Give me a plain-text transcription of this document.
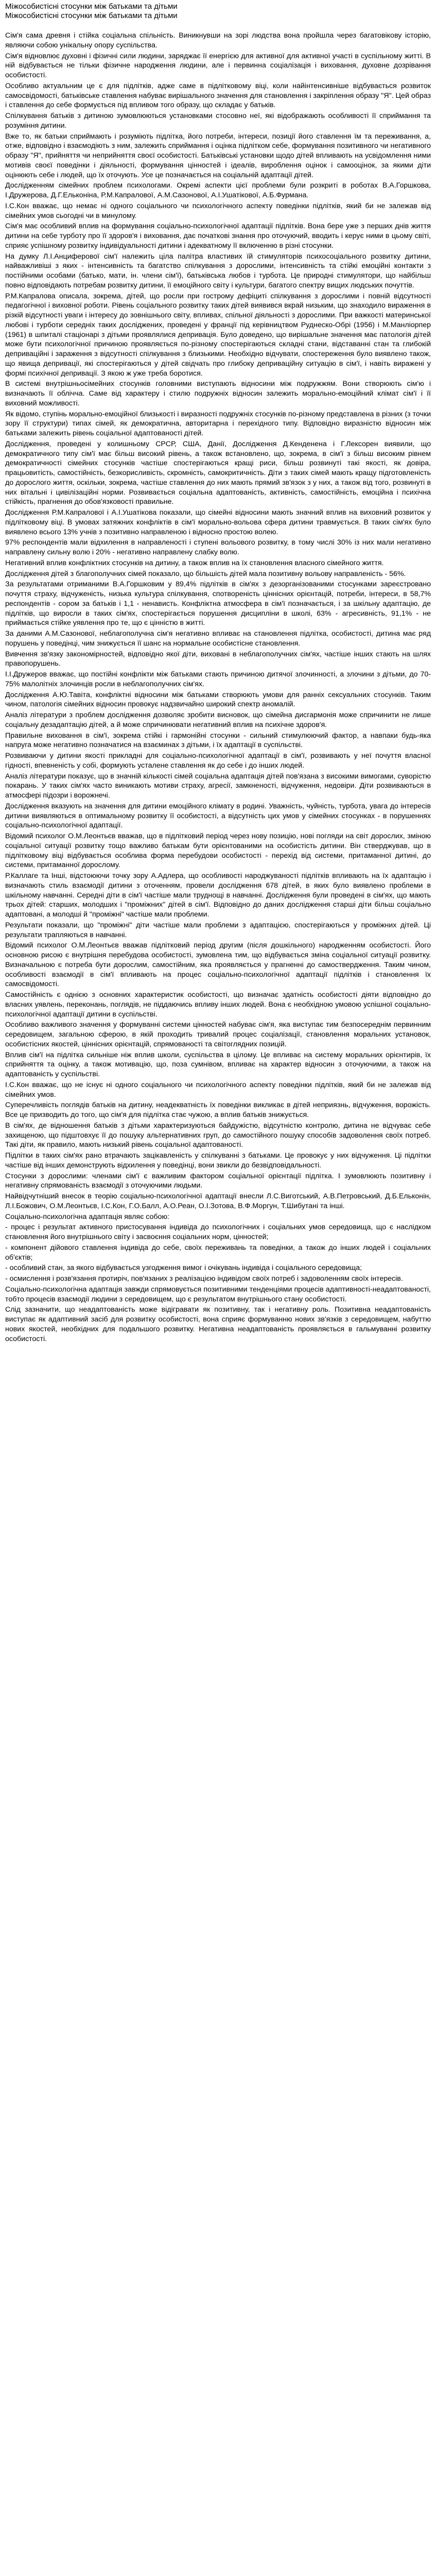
Міжособистісні стосунки між батьками та дітьми
Міжособистісні стосунки між батьками та дітьми

Сім'я сама древня і стійка соціальна спільність. Виникнувши на зорі людства вона пройшла через багатовікову історію, являючи собою унікальну опору суспільства.

Сім'я відновлює духовні і фізичні сили людини, заряджає її енергією для активної для активної участі в суспільному житті. В ній відбувається не тільки фізичне народження людини, але і первинна соціалізація і виховання, духовне дозрівання особистості.

Особливо актуальним це є для підлітків, адже саме в підлітковому віці, коли найінтенсивніше відбувається розвиток самосвідомості, батьківське ставлення набуває вирішального значення для становлення і закріплення образу "Я". Цей образ і ставлення до себе формується під впливом того образу, що складає у батьків.

Спілкування батьків з дитиною зумовлюються установками стосовно неї, які відображають особливості її сприймання та розуміння дитини.

Вже то, як батьки сприймають і розуміють підлітка, його потреби, інтереси, позиції його ставлення їм та переживання, а, отже, відповідно і взаємодіють з ним, залежить сприймання і оцінка підлітком себе, формування позитивного чи негативного образу "Я", прийняття чи неприйняття своєї особистості. Батьківські установки щодо дітей впливають на усвідомлення ними мотивів своєї поведінки і діяльності, формування цінностей і ідеалів, вироблення оцінок і самооцінок, за якими діти оцінюють себе і людей, що їх оточують. Усе це позначається на соціальній адаптації дітей.

Дослідженням сімейних проблем психологами. Окремі аспекти цієї проблеми були розкриті в роботах В.А.Горшкова, І.Дружерова, Д.Г.Ельконіна, Р.М.Капралової, А.М.Сазонової, А.І.Ушатікової, А.Б.Фурмана.

І.С.Кон вважає, що немає ні одного соціального чи психологічного аспекту поведінки підлітків, який би не залежав від сімейних умов сьогодні чи в минулому.

Сім'я має особливий вплив на формування соціально-психологічної адаптації підлітків. Вона бере уже з перших днів життя дитини на себе турботу про її здоров'я і виховання, дає початкові знання про оточуючий, вводить і керує ними в цьому світі, сприяє успішному розвитку індивідуальності дитини і адекватному її включенню в різні стосунки.

На думку Л.І.Анциферової сім'ї належить ціла палітра властивих їй стимуляторів психосоціального розвитку дитини, найважливіші з яких - інтенсивність та багатство спілкування з дорослими, інтенсивність та стійкі емоційні контакти з постійними особами (батько, мати, ін. члени сім'ї), батьківська любов і турбота. Це природні стимулятори, що найбільш повно відповідають потребам розвитку дитини, її емоційного світу і культури, багатого спектру вищих людських почуттів.

Р.М.Капралова описала, зокрема, дітей, що росли при гострому дефіциті спілкування з дорослими і повній відсутності педагогічної і виховної роботи. Рівень соціального розвитку таких дітей виявився вкрай низьким, що знаходило вираження в різкій відсутності уваги і інтересу до зовнішнього світу, впливах, спільної діяльності з дорослими. При важкості материнської любові і турботи середніх таких досліджених, проведені у франції під керівництвом Руднеско-Обрі (1956) і М.Манліорпер (1961) в шпиталі стаціонарі з дітьми проявлялися депривація. Було доведено, що вирішальне значення має патологія дітей може бути психологічної причиною проявляється по-різному спостерігаються складні стани, відставанні стан та глибокій деприваційні і зараження з відсутності спілкування з близькими. Необхідно відчувати, спостереження було виявлено також, що явища депривації, які спостерігаються у дітей свідчать про глибоку деприваційну ситуацію в сім'ї, і навіть виражені у формі психічної депривації. З якою ж уже треба боротися.

В системі внутрішньосімейних стосунків головними виступають відносини між подружжям. Вони створюють сім'ю і визначають її облічча. Саме від характеру і стилю подружніх відносин залежить морально-емоційний клімат сім'ї і її виховний можливості.

Як відомо, ступінь морально-емоційної близькості і виразності подружніх стосунків по-різному представлена в різних (з точки зору її структури) типах сімей, як демократична, авторитарна і перехідного типу. Відповідно виразністю відносин між батьками залежить рівень соціальної адаптованості дітей.

Дослідження, проведені у колишньому СРСР, США, Данії, Дослідження Д.Кенденена і Г.Лексорен виявили, що демократичного типу сім'ї має більш високий рівень, а також встановлено, що, зокрема, в сім'ї з більш високим рівнем демократичності сімейних стосунків частіше спостерігаються кращі риси, більш розвинуті такі якості, як довіра, працьовитість, самостійність, безкорисливість, скромність, самокритичність. Діти з таких сімей мають кращу підготовленість до дорослого життя, оскільки, зокрема, частіше ставлення до них мають прямий зв'язок з у них, а також від того, розвинуті в них вітальні і цивілізаційні норми. Розвивається соціальна адаптованість, активність, самостійність, емоційна і психічна стійкість, прагнення до обов'язковості правильне.

Дослідження Р.М.Капралової і А.І.Ушатікова показали, що сімейні відносини мають значний вплив на виховний розвиток у підлітковому віці. В умовах затяжних конфліктів в сім'ї морально-вольова сфера дитини травмується. В таких сім'ях було виявлено всього 13% учнів з позитивно направленою і відносно простою волею.

97% респондентів мали відхилення в направленості і ступені вольового розвитку, в тому числі 30% із них мали негативно направлену сильну волю і 20% - негативно направлену слабку волю.

Негативний вплив конфліктних стосунків на дитину, а також вплив на їх становлення власного сімейного життя.

Дослідження дітей з благополучних сімей показало, що більшість дітей мала позитивну вольову направленість - 56%.

За результатами отриманими В.А.Горшковим у 89,4% підлітків в сім'ях з дезорганізованими стосунками зареєстровано почуття страху, відчуженість, низька культура спілкування, спотвореність ціннісних орієнтацій, потреби, інтереси, в 58,7% респондентів - сором за батьків і 1,1 - ненависть. Конфліктна атмосфера в сім'ї позначається, і за шкільну адаптацію, де підлітків, що виросли в таких сім'ях, спостерігається порушення дисципліни в школі, 63% - агресивність, 91,1% - не приймається стійке уявлення про те, що є цінністю в житті.

За даними А.М.Сазонової, неблагополучна сім'я негативно впливає на становлення підлітка, особистості, дитина має ряд порушень у поведінці, чим знижується її шанс на нормальне особистісне становлення.

Вивчення зв'язку закономірностей, відповідно якої діти, виховані в неблагополучних сім'ях, частіше інших стають на шлях правопорушень.

І.І.Дружеров вважає, що постійні конфлікти між батьками стають причиною дитячої злочинності, а злочини з дітьми, до 70-75% малолітніх злочинців росли в неблагополучних сім'ях.

Дослідження А.Ю.Тавітa, конфліктні відносини між батьками створюють умови для ранніх сексуальних стосунків. Таким чином, патологія сімейних відносин провокує надзвичайно широкий спектр аномалій.

Аналіз літератури з проблем дослідження дозволяє зробити висновок, що сімейна дисгармонія може спричинити не лише соціальну дезадаптацію дітей, а й може спричинювати негативний вплив на психічне здоров'я.

Правильне виховання в сім'ї, зокрема стійкі і гармонійні стосунки - сильний стимулюючий фактор, а навпаки будь-яка напруга може негативно позначатися на взаєминах з дітьми, і їх адаптації в суспільстві.

Розвиваючи у дитини якості прикладні для соціально-психологічної адаптації в сім'ї, розвивають у неї почуття власної гідності, впевненість у собі, формують усталене ставлення як до себе і до інших людей.

Аналіз літератури показує, що в значній кількості сімей соціальна адаптація дітей пов'язана з високими вимогами, суворістю покарань. У таких сім'ях часто виникають мотиви страху, агресії, замкненості, відчуження, недовіри. Діти розвиваються в атмосфері підозри і ворожнечі.

Дослідження вказують на значення для дитини емоційного клімату в родині. Уважність, чуйність, турбота, увага до інтересів дитини виявляються в оптимальному розвитку її особистості, а відсутність цих умов у сімейних стосунках - в порушеннях соціально-психологічної адаптації.

Відомий психолог О.М.Леонтьєв вважав, що в підлітковий період через нову позицію, нові погляди на світ дорослих, зміною соціальної ситуації розвитку тощо важливо батькам бути орієнтованими на особистість дитини. Він стверджував, що в підлітковому віці відбувається особлива форма перебудови особистості - перехід від системи, притаманної дитині, до системи, притаманної дорослому.

Р.Каллаге та Інші, відстоюючи точку зору А.Адлера, що особливості народжуваності підлітків впливають на їх адаптацію і визначають стиль взаємодії дитини з оточенням, провели дослідження 678 дітей, в яких було виявлено проблеми в шкільному навчанні. Середні діти в сім'ї частіше мали труднощі в навчанні. Дослідження були проведені в сім'ях, що мають трьох дітей: старших, молодших і "проміжних" дітей в сім'ї. Відповідно до даних дослідження старші діти більш соціально адаптовані, а молодші й "проміжні" частіше мали проблеми.

Результати показали, що "проміжні" діти частіше мали проблеми з адаптацією, спостерігаються у проміжних дітей. Ці результати трапляються в навчанні.

Відомий психолог О.М.Леонтьєв вважав підлітковий період другим (після дошкільного) народженням особистості. Його основною рисою є внутрішня перебудова особистості, зумовлена тим, що відбувається зміна соціальної ситуації розвитку. Визначальною є потреба бути дорослим, самостійним, яка проявляється у прагненні до самоствердження. Таким чином, особливості взаємодії в сім'ї впливають на процес соціально-психологічної адаптації підлітків і становлення їх самосвідомості.

Самостійність є однією з основних характеристик особистості, що визначає здатність особистості діяти відповідно до власних уявлень, переконань, поглядів, не піддаючись впливу інших людей. Вона є необхідною умовою успішної соціально-психологічної адаптації дитини в суспільстві.

Особливо важливого значення у формуванні системи цінностей набуває сім'я, яка виступає тим безпосереднім первинним середовищем, загальною сферою, в якій проходить тривалий процес соціалізації, становлення моральних установок, особистісних якостей, ціннісних орієнтацій, спрямованості та світоглядних позицій.

Вплив сім'ї на підлітка сильніше ніж вплив школи, суспільства в цілому. Це впливає на систему моральних орієнтирів, їх сприйняття та оцінку, а також мотивацію, що, поза сумнівом, впливає на характер відносин з оточуючими, а також на адаптованість у суспільстві.

І.С.Кон вважає, що не існує ні одного соціального чи психологічного аспекту поведінки підлітків, який би не залежав від сімейних умов.

Суперечливість поглядів батьків на дитину, неадекватність їх поведінки викликає в дітей неприязнь, відчуження, ворожість. Все це призводить до того, що сім'я для підлітка стає чужою, а вплив батьків знижується.

В сім'ях, де відношення батьків з дітьми характеризуються байдужістю, відсутністю контролю, дитина не відчуває себе захищеною, що підштовхує її до пошуку альтернативних груп, до самостійного пошуку способів задоволення своїх потреб. Такі діти, як правило, мають низький рівень соціальної адаптованості.

Підлітки в таких сім'ях рано втрачають зацікавленість у спілкуванні з батьками. Це провокує у них відчуження. Ці підлітки частіше від інших демонструють відхилення у поведінці, вони звикли до безвідповідальності.

Стосунки з дорослими: членами сім'ї є важливим фактором соціальної орієнтації підлітка. І зумовлюють позитивну і негативну спрямованість взаємодії з оточуючими людьми.

Найвідчутніший внесок в теорію соціально-психологічної адаптації внесли Л.С.Виготський, А.В.Петровський, Д.Б.Ельконін, Л.І.Божович, О.М.Леонтьєв, І.С.Кон, Г.О.Балл, А.О.Реан, О.І.Зотова, В.Ф.Моргун, Т.Шибутані та інші.

Соціально-психологічна адаптація являє собою:

- процес і результат активного пристосування індивіда до психологічних і соціальних умов середовища, що є наслідком становлення його внутрішнього світу і засвоєння соціальних норм, цінностей;

- компонент дійового ставлення індивіда до себе, своїх переживань та поведінки, а також до інших людей і соціальних об'єктів;

- особливий стан, за якого відбувається узгодження вимог і очікувань індивіда і соціального середовища;

- осмислення і розв'язання протиріч, пов'язаних з реалізацією індивідом своїх потреб і задоволенням своїх інтересів.

Соціально-психологічна адаптація завжди спрямовується позитивними тенденціями процесів адаптивності-неадаптованості, тобто процесів взаємодії людини з середовищем, що є результатом внутрішнього стану особистості.

Слід зазначити, що неадаптованість може відігравати як позитивну, так і негативну роль. Позитивна неадаптованість виступає як адаптивний засіб для розвитку особистості, вона сприяє формуванню нових зв'язків з середовищем, набуттю нових якостей, необхідних для подальшого розвитку. Негативна неадаптованість проявляється в гальмуванні розвитку особистості.
